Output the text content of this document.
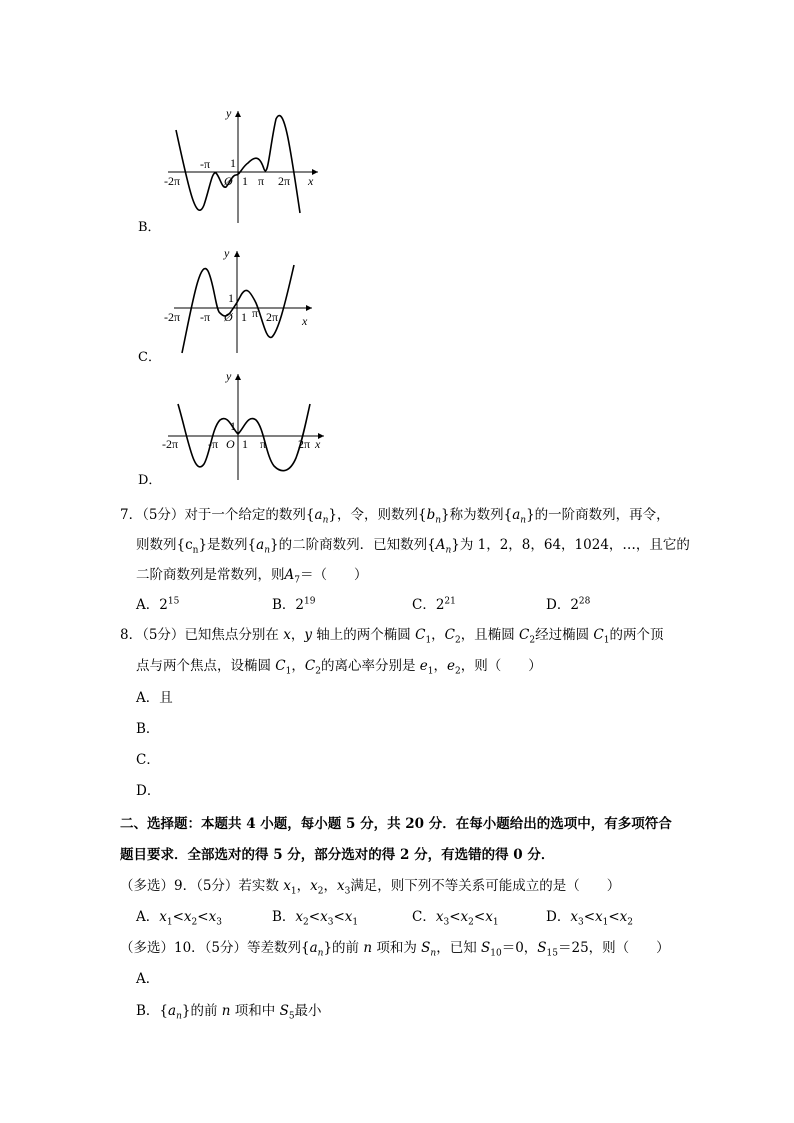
B．
y
x
1
-2π
-π
Ø 1 π 2π
C．
y
x
1
-2π -π Ø 1 π 2π
D．
y
x
1
-2π -π O 1 π	2π
7．（5分）对于一个给定的数列$\{a_n\}$，令，则数列$\{b_n\}$称为数列$\{a_n\}$的一阶商数列，再令，
则数列$\{c_n\}$是数列$\{a_n\}$的二阶商数列．已知数列$\{A_n\}$为 1，2，8，64，1024，…，且它的
二阶商数列是常数列，则$A_7=$（　　）
A．$2^{15}$	B．$2^{19}$	C．$2^{21}$	D．$2^{28}$
8．（5分）已知焦点分别在 x，y 轴上的两个椭圆 $C_1$，$C_2$，且椭圆 $C_2$经过椭圆 $C_1$的两个顶
点与两个焦点，设椭圆 $C_1$，$C_2$的离心率分别是 $e_1$，$e_2$，则（　　）
A．且
B．
C．
D．
二、选择题：本题共 4 小题，每小题 5 分，共 20 分．在每小题给出的选项中，有多项符合
题目要求．全部选对的得 5 分，部分选对的得 2 分，有选错的得 0 分．
（多选）9．（5分）若实数 $x_1$，$x_2$，$x_3$满足，则下列不等关系可能成立的是（　　）
A．$x_1<x_2<x_3$	B．$x_2<x_3<x_1$	C．$x_3<x_2<x_1$	D．$x_3<x_1<x_2$
（多选）10．（5分）等差数列$\{a_n\}$的前 n 项和为 $S_n$，已知 $S_{10}=0$，$S_{15}=25$，则（　　）
A．
B．$\{a_n\}$的前 n 项和中 $S_5$最小
